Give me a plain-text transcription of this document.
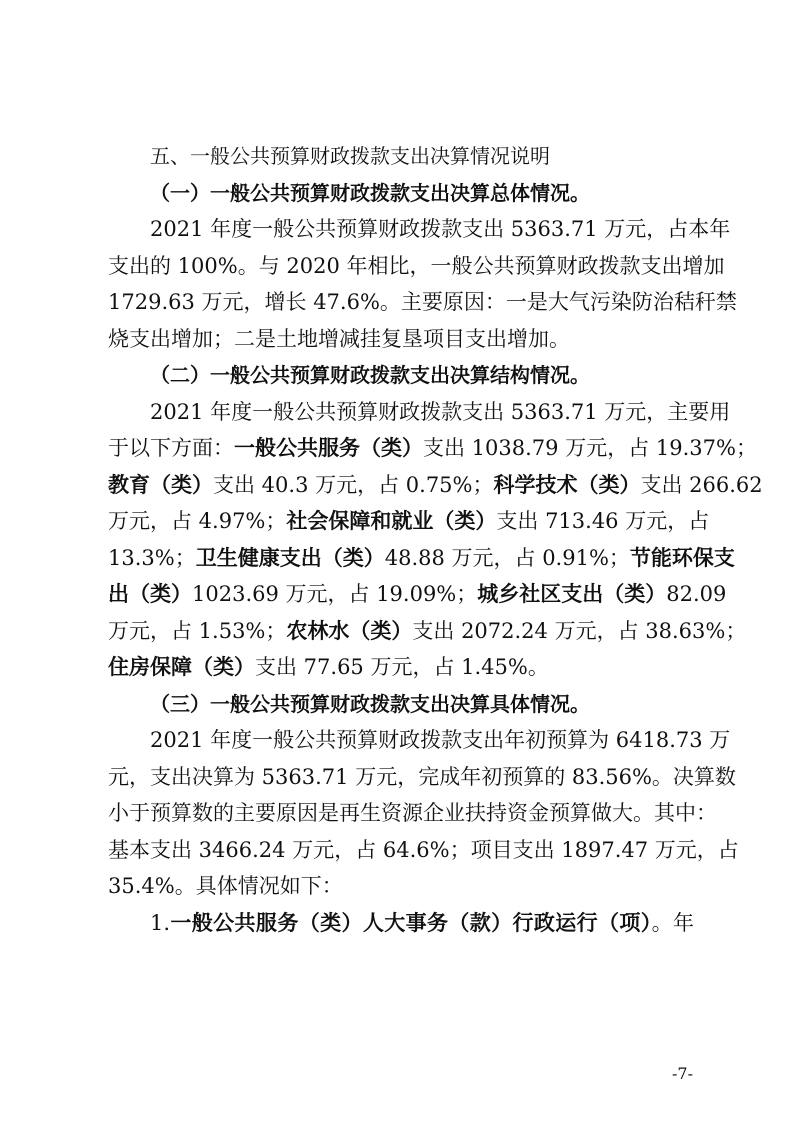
五、一般公共预算财政拨款支出决算情况说明
（一）一般公共预算财政拨款支出决算总体情况。
2021 年度一般公共预算财政拨款支出 5363.71 万元，占本年
支出的 100%。与 2020 年相比，一般公共预算财政拨款支出增加
1729.63 万元，增长 47.6%。主要原因：一是大气污染防治秸秆禁
烧支出增加；二是土地增减挂复垦项目支出增加。
（二）一般公共预算财政拨款支出决算结构情况。
2021 年度一般公共预算财政拨款支出 5363.71 万元，主要用
于以下方面：一般公共服务（类）支出 1038.79 万元，占 19.37%；
教育（类）支出 40.3 万元，占 0.75%；科学技术（类）支出 266.62
万元，占 4.97%；社会保障和就业（类）支出 713.46 万元，占
13.3%；卫生健康支出（类）48.88 万元，占 0.91%；节能环保支
出（类）1023.69 万元，占 19.09%；城乡社区支出（类）82.09
万元，占 1.53%；农林水（类）支出 2072.24 万元，占 38.63%；
住房保障（类）支出 77.65 万元，占 1.45%。
（三）一般公共预算财政拨款支出决算具体情况。
2021 年度一般公共预算财政拨款支出年初预算为 6418.73 万
元，支出决算为 5363.71 万元，完成年初预算的 83.56%。决算数
小于预算数的主要原因是再生资源企业扶持资金预算做大。其中：
基本支出 3466.24 万元，占 64.6%；项目支出 1897.47 万元，占
35.4%。具体情况如下：
1.一般公共服务（类）人大事务（款）行政运行（项）。年
-7-
